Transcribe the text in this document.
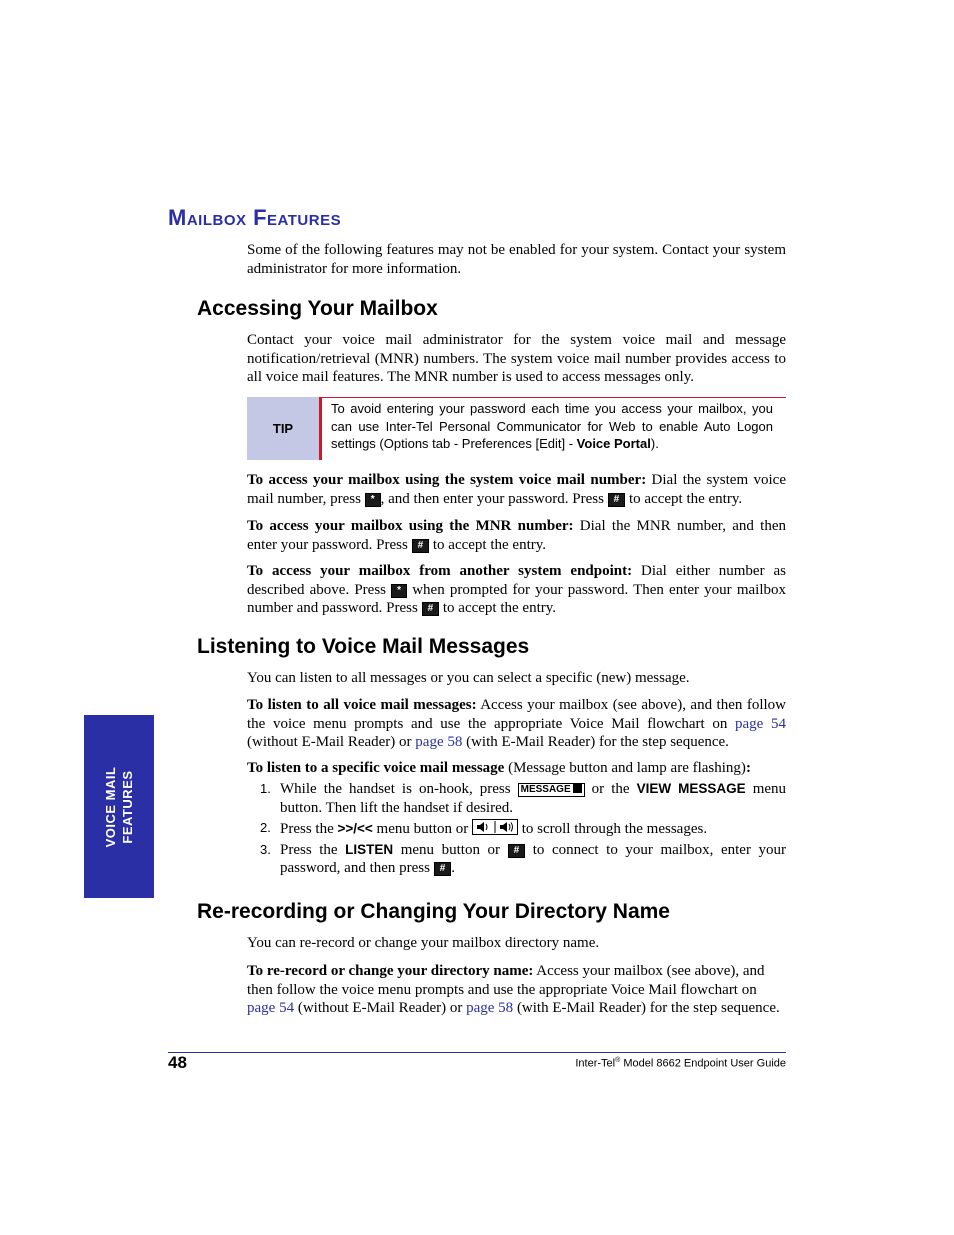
Mailbox Features

Some of the following features may not be enabled for your system. Contact your system administrator for more information.

Accessing Your Mailbox

Contact your voice mail administrator for the system voice mail and message notification/retrieval (MNR) numbers. The system voice mail number provides access to all voice mail features. The MNR number is used to access messages only.

TIP
To avoid entering your password each time you access your mailbox, you can use Inter-Tel Personal Communicator for Web to enable Auto Logon settings (Options tab - Preferences [Edit] - Voice Portal).

To access your mailbox using the system voice mail number: Dial the system voice mail number, press * , and then enter your password. Press # to accept the entry.

To access your mailbox using the MNR number: Dial the MNR number, and then enter your password. Press # to accept the entry.

To access your mailbox from another system endpoint: Dial either number as described above. Press * when prompted for your password. Then enter your mailbox number and password. Press # to accept the entry.

Listening to Voice Mail Messages

You can listen to all messages or you can select a specific (new) message.

To listen to all voice mail messages: Access your mailbox (see above), and then follow the voice menu prompts and use the appropriate Voice Mail flowchart on page 54 (without E-Mail Reader) or page 58 (with E-Mail Reader) for the step sequence.

To listen to a specific voice mail message (Message button and lamp are flashing):

1. While the handset is on-hook, press MESSAGE or the VIEW MESSAGE menu button. Then lift the handset if desired.
2. Press the >>/<< menu button or	to scroll through the messages.
3. Press the LISTEN menu button or # to connect to your mailbox, enter your password, and then press # .
Re-recording or Changing Your Directory Name

You can re-record or change your mailbox directory name.

To re-record or change your directory name: Access your mailbox (see above), and then follow the voice menu prompts and use the appropriate Voice Mail flowchart on page 54 (without E-Mail Reader) or page 58 (with E-Mail Reader) for the step sequence.

VOICE MAIL FEATURES
48	Inter-Tel® Model 8662 Endpoint User Guide
